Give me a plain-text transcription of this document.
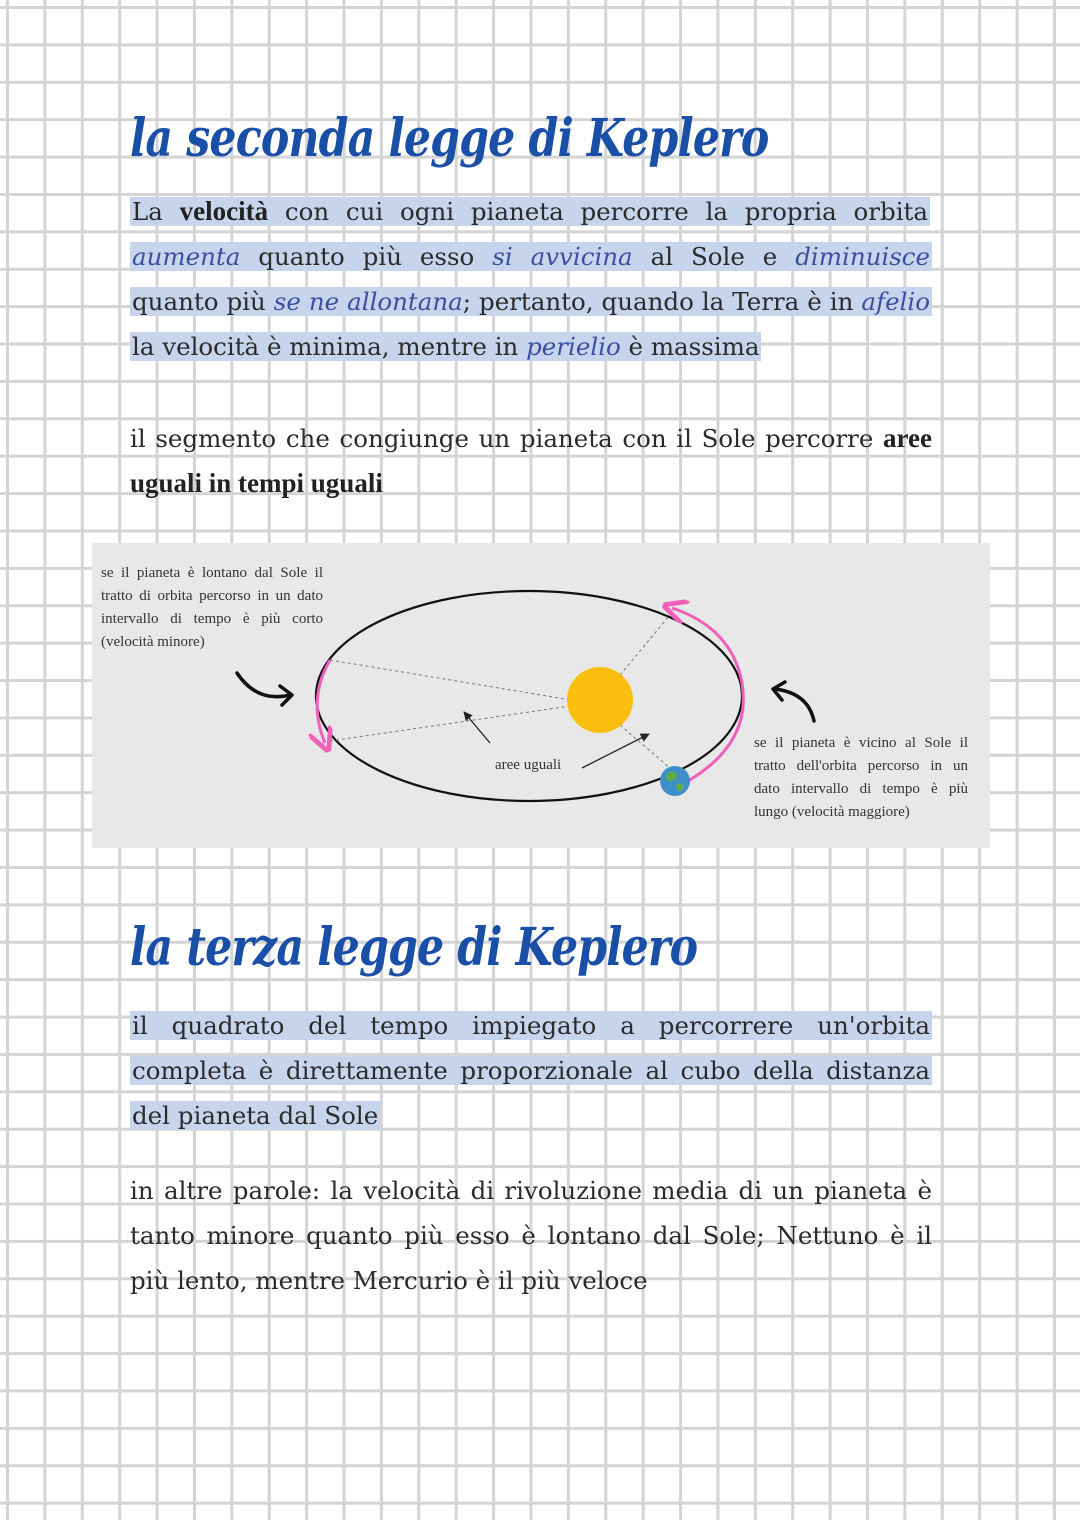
la seconda legge di Keplero

La velocità con cui ogni pianeta percorre la propria orbita aumenta quanto più esso si avvicina al Sole e diminuisce quanto più se ne allontana; pertanto, quando la Terra è in afelio la velocità è minima, mentre in perielio è massima

il segmento che congiunge un pianeta con il Sole percorre aree uguali in tempi uguali

se il pianeta è lontano dal Sole il tratto di orbita percorso in un dato intervallo di tempo è più corto (velocità minore)

se il pianeta è vicino al Sole il tratto dell'orbita percorso in un dato intervallo di tempo è più lungo (velocità maggiore)

aree uguali

la terza legge di Keplero

il quadrato del tempo impiegato a percorrere un'orbita completa è direttamente proporzionale al cubo della distanza del pianeta dal Sole

in altre parole: la velocità di rivoluzione media di un pianeta è tanto minore quanto più esso è lontano dal Sole; Nettuno è il più lento, mentre Mercurio è il più veloce
